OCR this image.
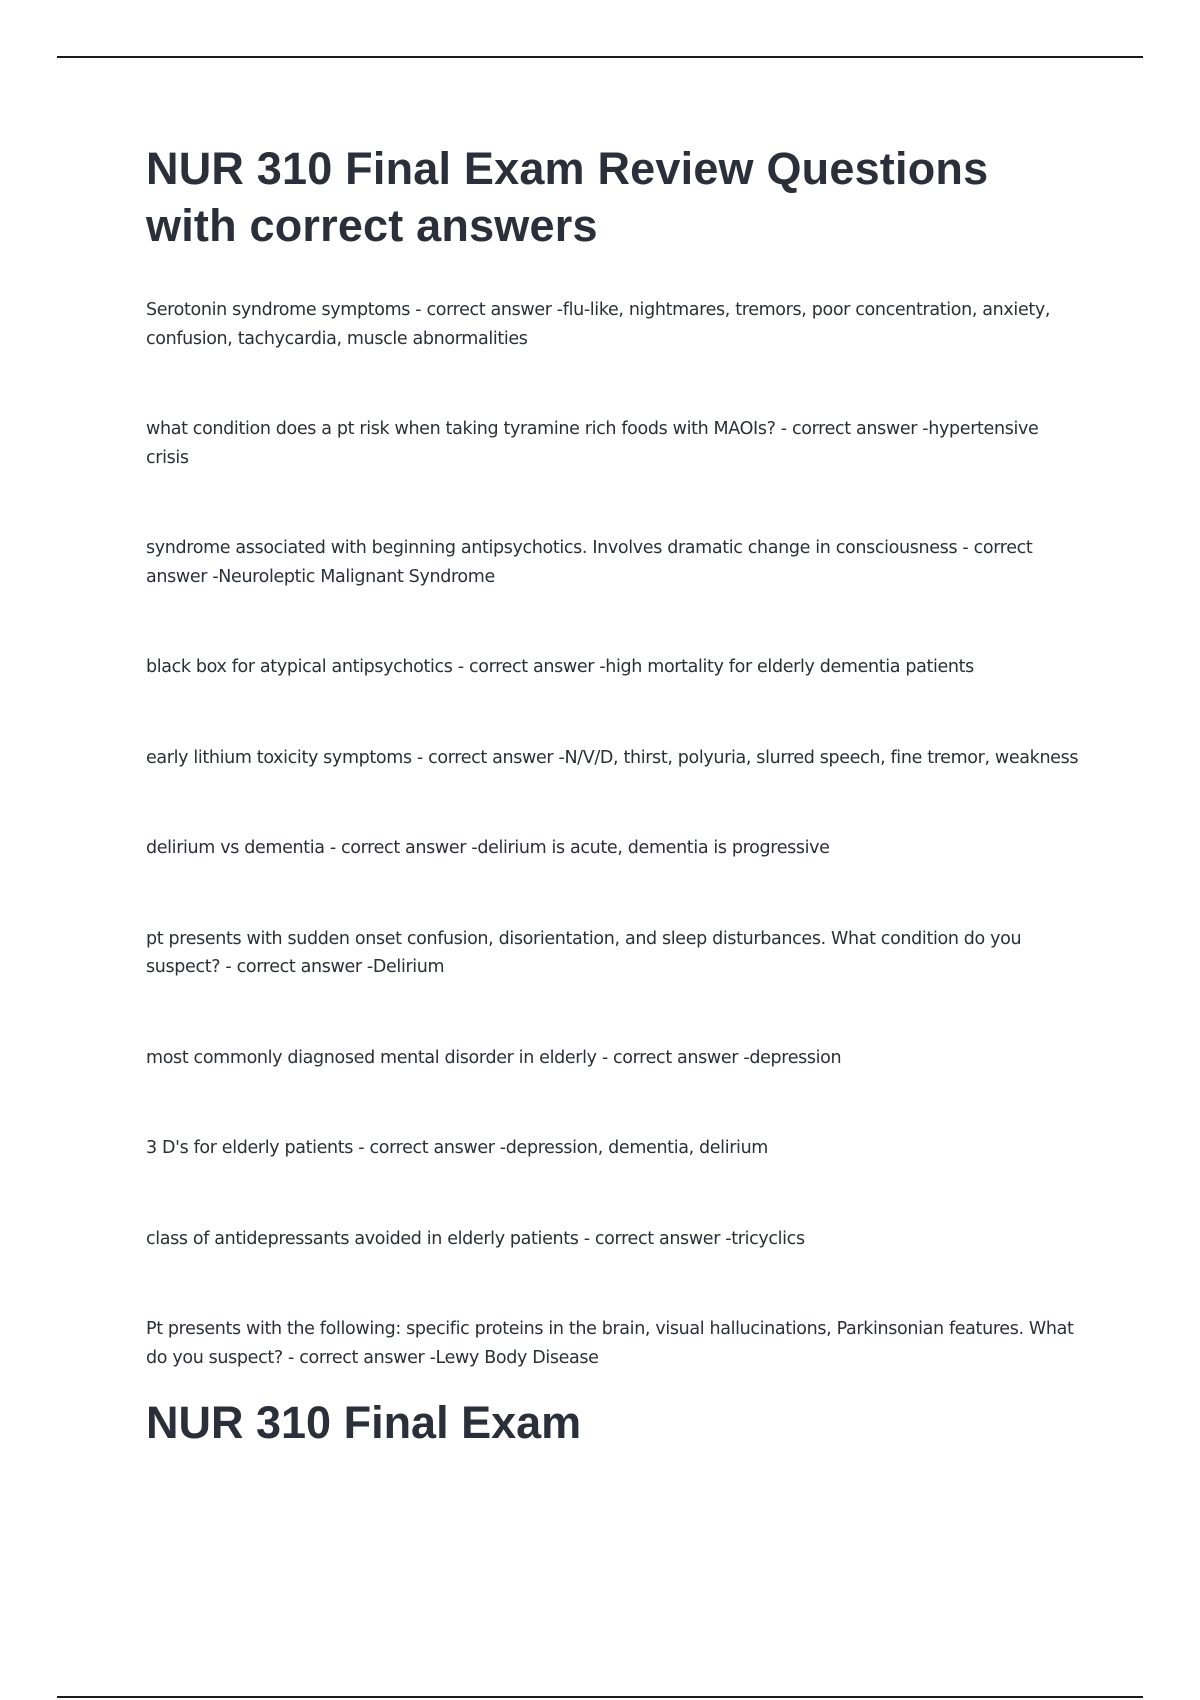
NUR 310 Final Exam Review Questions with correct answers

Serotonin syndrome symptoms - correct answer -flu-like, nightmares, tremors, poor concentration, anxiety, confusion, tachycardia, muscle abnormalities

what condition does a pt risk when taking tyramine rich foods with MAOIs? - correct answer -hypertensive crisis

syndrome associated with beginning antipsychotics. Involves dramatic change in consciousness - correct answer -Neuroleptic Malignant Syndrome

black box for atypical antipsychotics - correct answer -high mortality for elderly dementia patients

early lithium toxicity symptoms - correct answer -N/V/D, thirst, polyuria, slurred speech, fine tremor, weakness

delirium vs dementia - correct answer -delirium is acute, dementia is progressive

pt presents with sudden onset confusion, disorientation, and sleep disturbances. What condition do you suspect? - correct answer -Delirium

most commonly diagnosed mental disorder in elderly - correct answer -depression

3 D's for elderly patients - correct answer -depression, dementia, delirium

class of antidepressants avoided in elderly patients - correct answer -tricyclics

Pt presents with the following: specific proteins in the brain, visual hallucinations, Parkinsonian features. What do you suspect? - correct answer -Lewy Body Disease

NUR 310 Final Exam
